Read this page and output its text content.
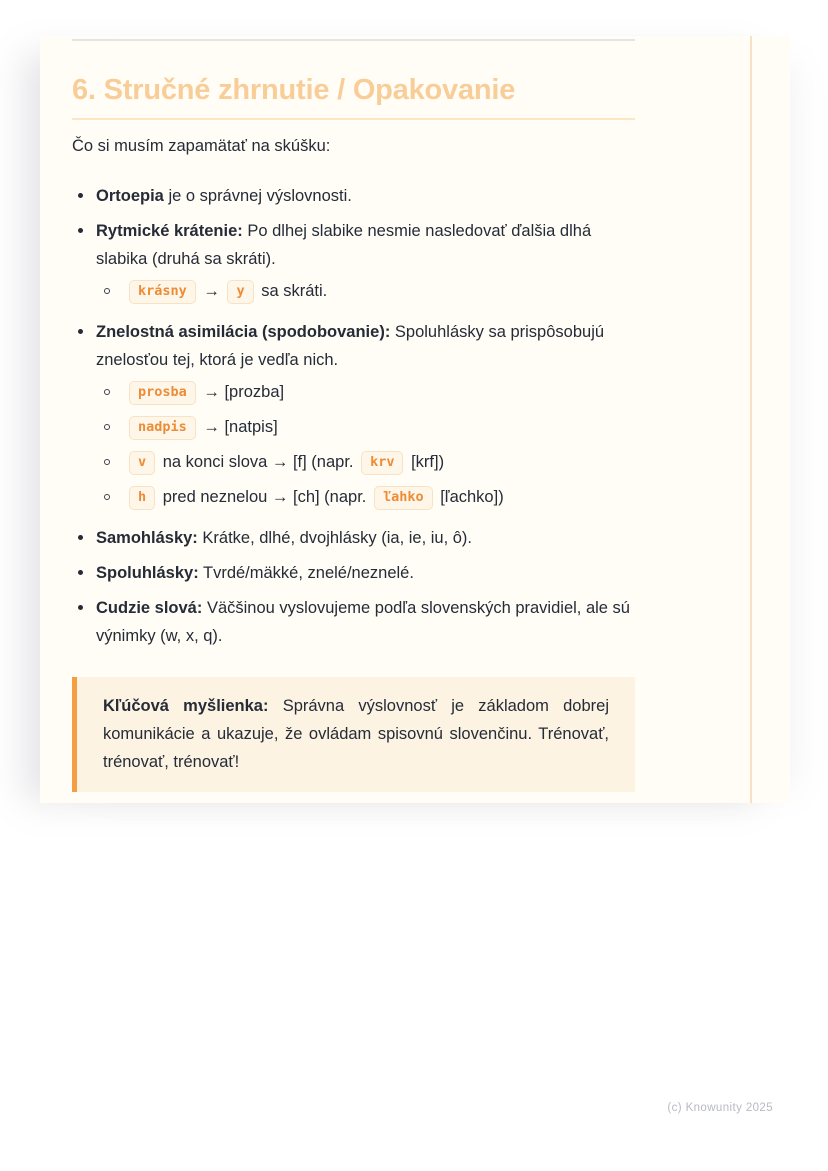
6. Stručné zhrnutie / Opakovanie

Čo si musím zapamätať na skúšku:

Ortoepia je o správnej výslovnosti.
Rytmické krátenie: Po dlhej slabike nesmie nasledovať ďalšia dlhá slabika (druhá sa skráti).
krásny → y sa skráti.
Znelostná asimilácia (spodobovanie): Spoluhlásky sa prispôsobujú znelosťou tej, ktorá je vedľa nich.
prosba → [prozba]
nadpis → [natpis]
v na konci slova → [f] (napr. krv [krf])
h pred neznelou → [ch] (napr. ľahko [ľachko])
Samohlásky: Krátke, dlhé, dvojhlásky (ia, ie, iu, ô).
Spoluhlásky: Tvrdé/mäkké, znelé/neznelé.
Cudzie slová: Väčšinou vyslovujeme podľa slovenských pravidiel, ale sú výnimky (w, x, q).

Kľúčová myšlienka: Správna výslovnosť je základom dobrej komunikácie a ukazuje, že ovládam spisovnú slovenčinu. Trénovať, trénovať, trénovať!

(c) Knowunity 2025
